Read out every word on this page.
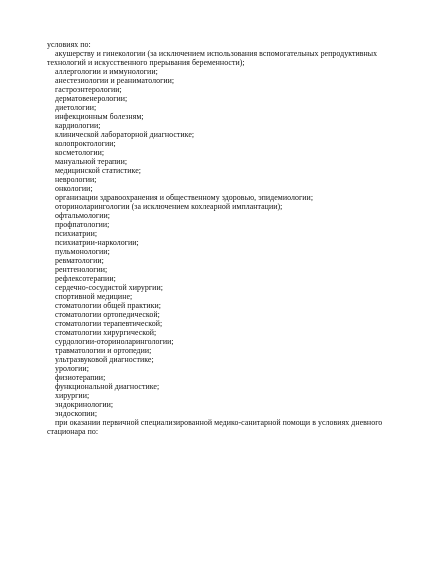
условиях по:
акушерству и гинекологии (за исключением использования вспомогательных репродуктивных технологий и искусственного прерывания беременности);
аллергологии и иммунологии;
анестезиологии и реаниматологии;
гастроэнтерологии;
дерматовенерологии;
диетологии;
инфекционным болезням;
кардиологии;
клинической лабораторной диагностике;
колопроктологии;
косметологии;
мануальной терапии;
медицинской статистике;
неврологии;
онкологии;
организации здравоохранения и общественному здоровью, эпидемиологии;
оториноларингологии (за исключением кохлеарной имплантации);
офтальмологии;
профпатологии;
психиатрии;
психиатрии-наркологии;
пульмонологии;
ревматологии;
рентгенологии;
рефлексотерапии;
сердечно-сосудистой хирургии;
спортивной медицине;
стоматологии общей практики;
стоматологии ортопедической;
стоматологии терапевтической;
стоматологии хирургической;
сурдологии-оториноларингологии;
травматологии и ортопедии;
ультразвуковой диагностике;
урологии;
физиотерапии;
функциональной диагностике;
хирургии;
эндокринологии;
эндоскопии;
при оказании первичной специализированной медико-санитарной помощи в условиях дневного стационара по:
